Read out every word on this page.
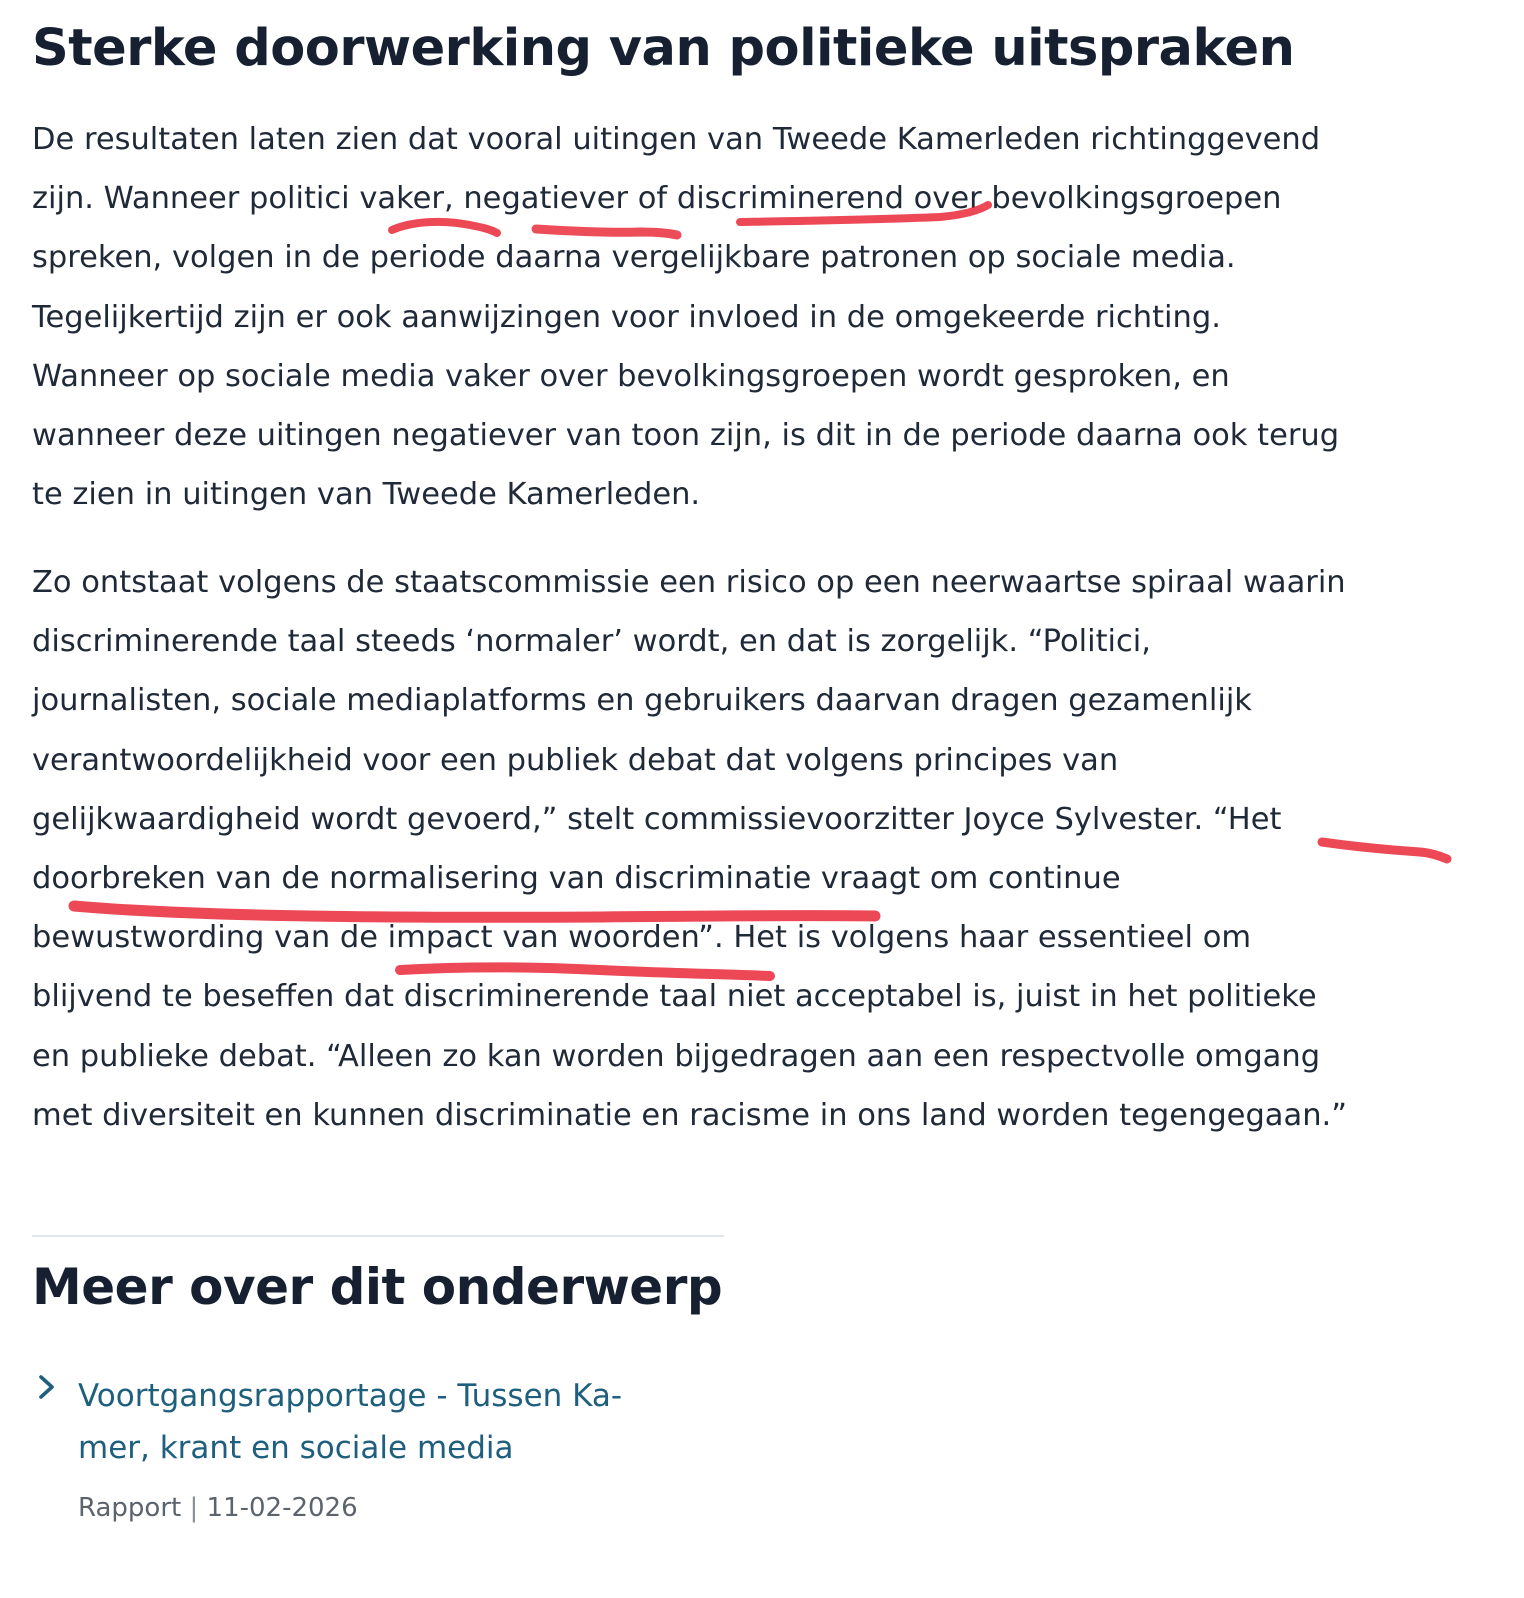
Sterke doorwerking van politieke uitspraken

De resultaten laten zien dat vooral uitingen van Tweede Kamerleden richtinggevend
zijn. Wanneer politici vaker, negatiever of discriminerend over bevolkingsgroepen
spreken, volgen in de periode daarna vergelijkbare patronen op sociale media.
Tegelijkertijd zijn er ook aanwijzingen voor invloed in de omgekeerde richting.
Wanneer op sociale media vaker over bevolkingsgroepen wordt gesproken, en
wanneer deze uitingen negatiever van toon zijn, is dit in de periode daarna ook terug
te zien in uitingen van Tweede Kamerleden.

Zo ontstaat volgens de staatscommissie een risico op een neerwaartse spiraal waarin
discriminerende taal steeds ‘normaler’ wordt, en dat is zorgelijk. “Politici,
journalisten, sociale mediaplatforms en gebruikers daarvan dragen gezamenlijk
verantwoordelijkheid voor een publiek debat dat volgens principes van
gelijkwaardigheid wordt gevoerd,” stelt commissievoorzitter Joyce Sylvester. “Het
doorbreken van de normalisering van discriminatie vraagt om continue
bewustwording van de impact van woorden”. Het is volgens haar essentieel om
blijvend te beseffen dat discriminerende taal niet acceptabel is, juist in het politieke
en publieke debat. “Alleen zo kan worden bijgedragen aan een respectvolle omgang
met diversiteit en kunnen discriminatie en racisme in ons land worden tegengegaan.”

Meer over dit onderwerp
Voortgangsrapportage - Tussen Ka-
mer, krant en sociale media
Rapport | 11-02-2026
